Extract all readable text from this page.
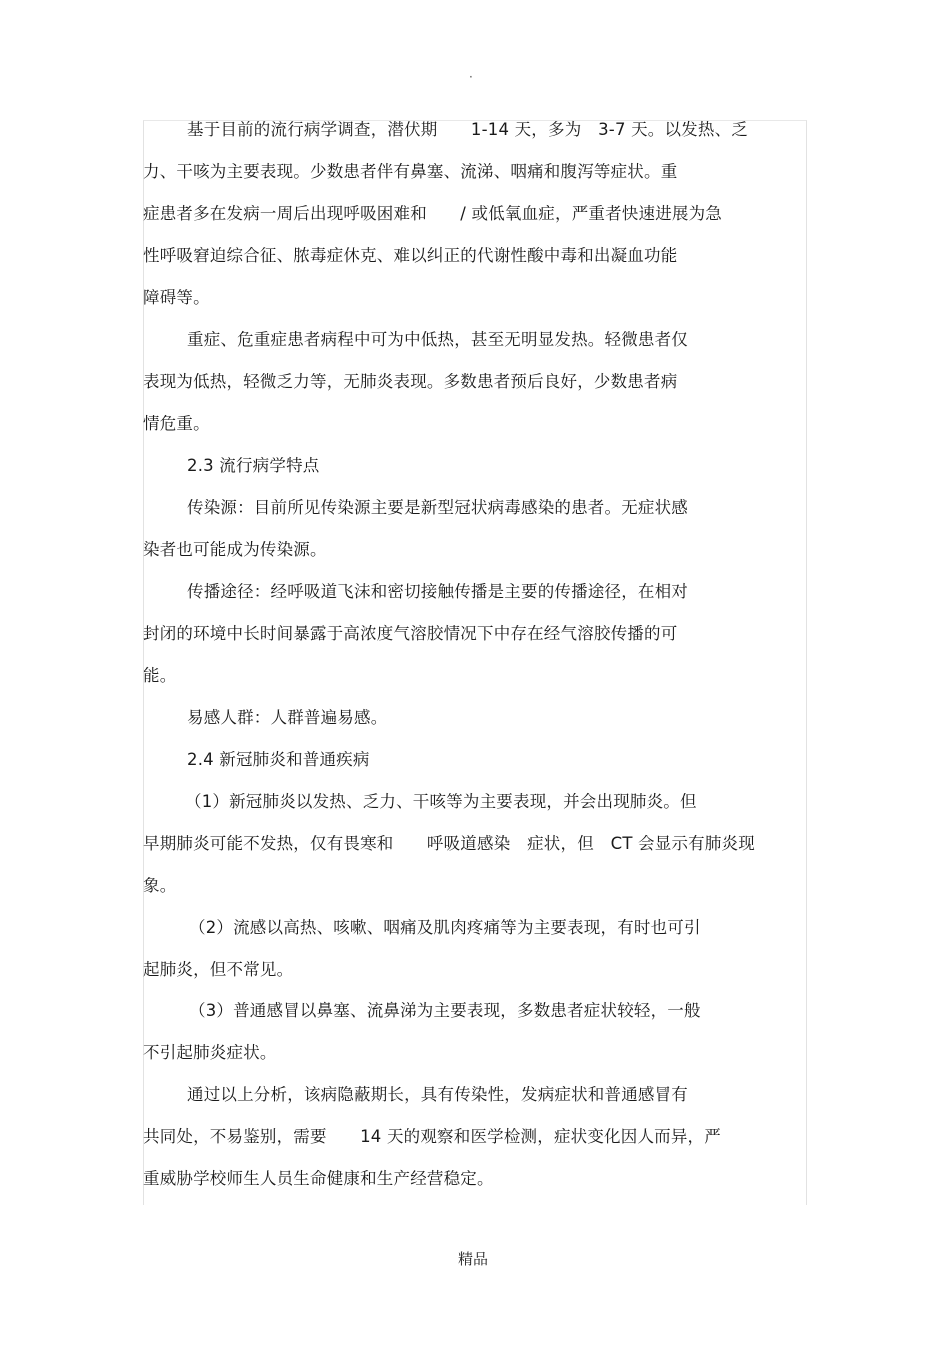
·
基于目前的流行病学调查，潜伏期　　1-14 天，多为　3-7 天。以发热、乏
力、干咳为主要表现。少数患者伴有鼻塞、流涕、咽痛和腹泻等症状。重
症患者多在发病一周后出现呼吸困难和　　/ 或低氧血症，严重者快速进展为急
性呼吸窘迫综合征、脓毒症休克、难以纠正的代谢性酸中毒和出凝血功能
障碍等。
重症、危重症患者病程中可为中低热，甚至无明显发热。轻微患者仅
表现为低热，轻微乏力等，无肺炎表现。多数患者预后良好，少数患者病
情危重。
2.3 流行病学特点
传染源：目前所见传染源主要是新型冠状病毒感染的患者。无症状感
染者也可能成为传染源。
传播途径：经呼吸道飞沫和密切接触传播是主要的传播途径，在相对
封闭的环境中长时间暴露于高浓度气溶胶情况下中存在经气溶胶传播的可
能。
易感人群：人群普遍易感。
2.4 新冠肺炎和普通疾病
（1）新冠肺炎以发热、乏力、干咳等为主要表现，并会出现肺炎。但
早期肺炎可能不发热，仅有畏寒和　　呼吸道感染　症状，但　CT 会显示有肺炎现
象。
（2）流感以高热、咳嗽、咽痛及肌肉疼痛等为主要表现，有时也可引
起肺炎，但不常见。
（3）普通感冒以鼻塞、流鼻涕为主要表现，多数患者症状较轻，一般
不引起肺炎症状。
通过以上分析，该病隐蔽期长，具有传染性，发病症状和普通感冒有
共同处，不易鉴别，需要　　14 天的观察和医学检测，症状变化因人而异，严
重威胁学校师生人员生命健康和生产经营稳定。
精品
